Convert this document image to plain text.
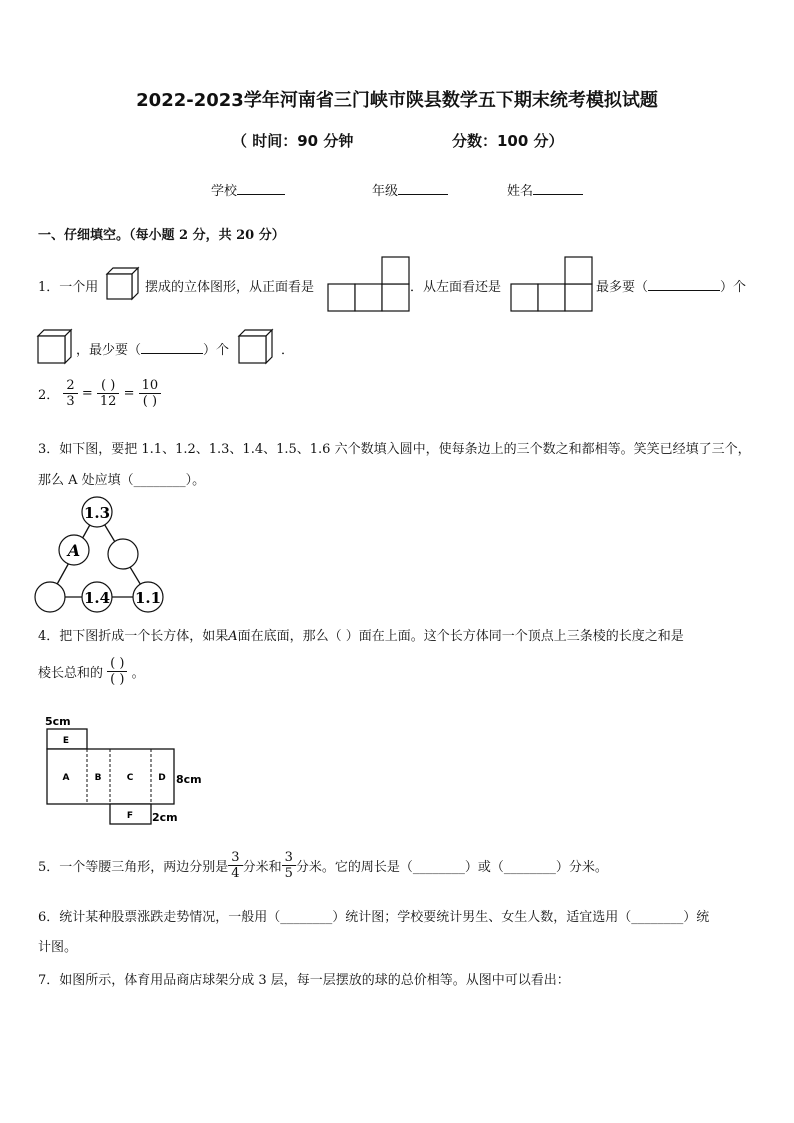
2022-2023学年河南省三门峡市陕县数学五下期末统考模拟试题
（ 时间：90 分钟	分数：100 分）
学校	年级	姓名
一、仔细填空。（每小题 2 分，共 20 分）
1．一个用	摆成的立体图形，从正面看是	．从左面看还是	最多要（	）个
，最少要（	）个	．
2． $\frac{2}{3} = \frac{( )}{12} = \frac{10}{( )}$
3．如下图，要把 1.1、1.2、1.3、1.4、1.5、1.6 六个数填入圆中，使每条边上的三个数之和都相等。笑笑已经填了三个，
那么 A 处应填（________）。
1.3
A
1.4 1.1
4．把下图折成一个长方体，如果A面在底面，那么（ ）面在上面。这个长方体同一个顶点上三条棱的长度之和是
棱长总和的 $\frac{( )}{( )}$ 。
E
A	B	C	D
F
5cm
8cm
2cm
5．一个等腰三角形，两边分别是 $\frac{3}{4}$ 分米和 $\frac{3}{5}$ 分米。它的周长是（________）或（________）分米。
6．统计某种股票涨跌走势情况，一般用（________）统计图；学校要统计男生、女生人数，适宜选用（________）统
计图。
7．如图所示，体育用品商店球架分成 3 层，每一层摆放的球的总价相等。从图中可以看出：
